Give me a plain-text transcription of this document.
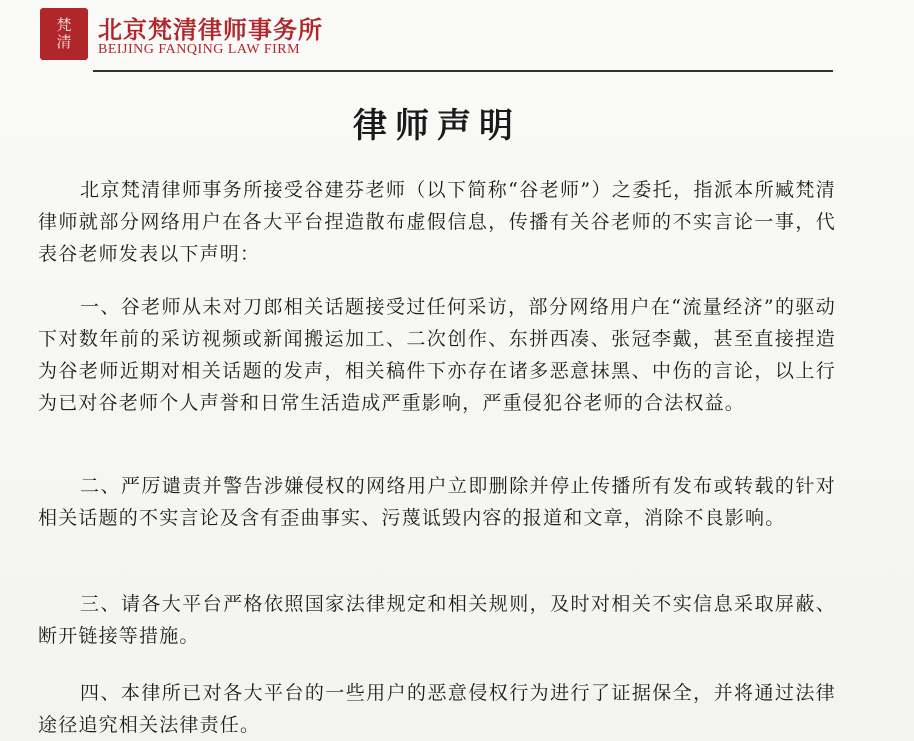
梵
清 北京梵清律师事务所
BEIJING FANQING LAW FIRM
律师声明

北京梵清律师事务所接受谷建芬老师（以下简称“谷老师”）之委托，指派本所臧梵清律师就部分网络用户在各大平台捏造散布虚假信息，传播有关谷老师的不实言论一事，代表谷老师发表以下声明：

一、谷老师从未对刀郎相关话题接受过任何采访，部分网络用户在“流量经济”的驱动下对数年前的采访视频或新闻搬运加工、二次创作、东拼西凑、张冠李戴，甚至直接捏造为谷老师近期对相关话题的发声，相关稿件下亦存在诸多恶意抹黑、中伤的言论，以上行为已对谷老师个人声誉和日常生活造成严重影响，严重侵犯谷老师的合法权益。

二、严厉谴责并警告涉嫌侵权的网络用户立即删除并停止传播所有发布或转载的针对相关话题的不实言论及含有歪曲事实、污蔑诋毁内容的报道和文章，消除不良影响。

三、请各大平台严格依照国家法律规定和相关规则，及时对相关不实信息采取屏蔽、断开链接等措施。

四、本律所已对各大平台的一些用户的恶意侵权行为进行了证据保全，并将通过法律途径追究相关法律责任。
